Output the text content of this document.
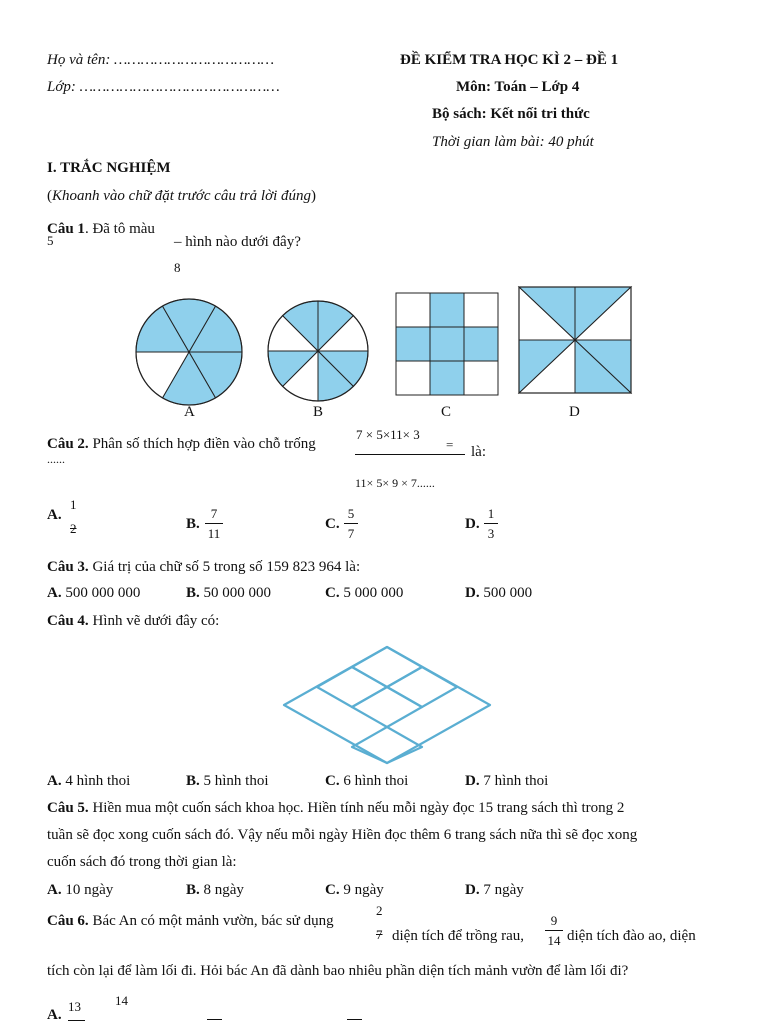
Họ và tên: ………………………………
Lớp: ………………………………………
ĐỀ KIỂM TRA HỌC KÌ 2 – ĐỀ 1
Môn: Toán – Lớp 4
Bộ sách: Kết nối tri thức
Thời gian làm bài: 40 phút
I. TRẮC NGHIỆM
(Khoanh vào chữ đặt trước câu trả lời đúng)
Câu 1. Đã tô màu
5	– hình nào dưới đây?
8
A	B	C	D
Câu 2. Phân số thích hợp điền vào chỗ trống
......
7 × 5×11× 3
= là:
11× 5× 9 × 7......
A.
1
2	B.
7
11
C.
5
7
D.
1
3
Câu 3. Giá trị của chữ số 5 trong số 159 823 964 là:
A. 500 000 000	B. 50 000 000	C. 5 000 000	D. 500 000
Câu 4. Hình vẽ dưới đây có:
A. 4 hình thoi	B. 5 hình thoi	C. 6 hình thoi	D. 7 hình thoi
Câu 5. Hiền mua một cuốn sách khoa học. Hiền tính nếu mỗi ngày đọc 15 trang sách thì trong 2
tuần sẽ đọc xong cuốn sách đó. Vậy nếu mỗi ngày Hiền đọc thêm 6 trang sách nữa thì sẽ đọc xong
cuốn sách đó trong thời gian là:
A. 10 ngày	B. 8 ngày	C. 9 ngày	D. 7 ngày
Câu 6. Bác An có một mảnh vườn, bác sử dụng
2
7 diện tích để trồng rau,
9
14 diện tích đào ao, diện
tích còn lại để làm lối đi. Hỏi bác An đã dành bao nhiêu phần diện tích mảnh vườn để làm lối đi?
A.
13	14
